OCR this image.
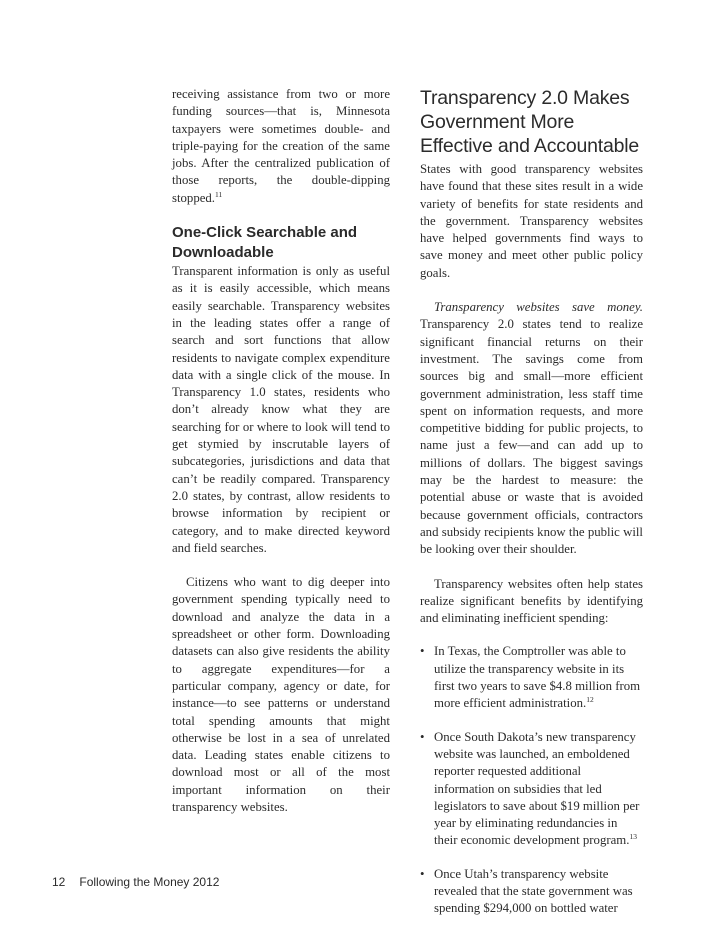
receiving assistance from two or more funding sources—that is, Minnesota taxpayers were sometimes double- and triple-paying for the creation of the same jobs. After the centralized publication of those reports, the double-dipping stopped.$^{11}$

One-Click Searchable and Downloadable

Transparent information is only as useful as it is easily accessible, which means easily searchable. Transparency websites in the leading states offer a range of search and sort functions that allow residents to navigate complex expenditure data with a single click of the mouse. In Transparency 1.0 states, residents who don’t already know what they are searching for or where to look will tend to get stymied by inscrutable layers of subcategories, jurisdictions and data that can’t be readily compared. Transparency 2.0 states, by contrast, allow residents to browse information by recipient or category, and to make directed keyword and field searches.

Citizens who want to dig deeper into government spending typically need to download and analyze the data in a spreadsheet or other form. Downloading datasets can also give residents the ability to aggregate expenditures—for a particular company, agency or date, for instance—to see patterns or understand total spending amounts that might otherwise be lost in a sea of unrelated data. Leading states enable citizens to download most or all of the most important information on their transparency websites.

Transparency 2.0 Makes Government More Effective and Accountable

States with good transparency websites have found that these sites result in a wide variety of benefits for state residents and the government. Transparency websites have helped governments find ways to save money and meet other public policy goals.

Transparency websites save money. Transparency 2.0 states tend to realize significant financial returns on their investment. The savings come from sources big and small—more efficient government administration, less staff time spent on information requests, and more competitive bidding for public projects, to name just a few—and can add up to millions of dollars. The biggest savings may be the hardest to measure: the potential abuse or waste that is avoided because government officials, contractors and subsidy recipients know the public will be looking over their shoulder.

Transparency websites often help states realize significant benefits by identifying and eliminating inefficient spending:

• In Texas, the Comptroller was able to utilize the transparency website in its first two years to save $4.8 million from more efficient administration.$^{12}$
• Once South Dakota’s new transparency website was launched, an emboldened reporter requested additional information on subsidies that led legislators to save about $19 million per year by eliminating redundancies in their economic development program.$^{13}$
• Once Utah’s transparency website revealed that the state government was spending $294,000 on bottled water
12 Following the Money 2012
